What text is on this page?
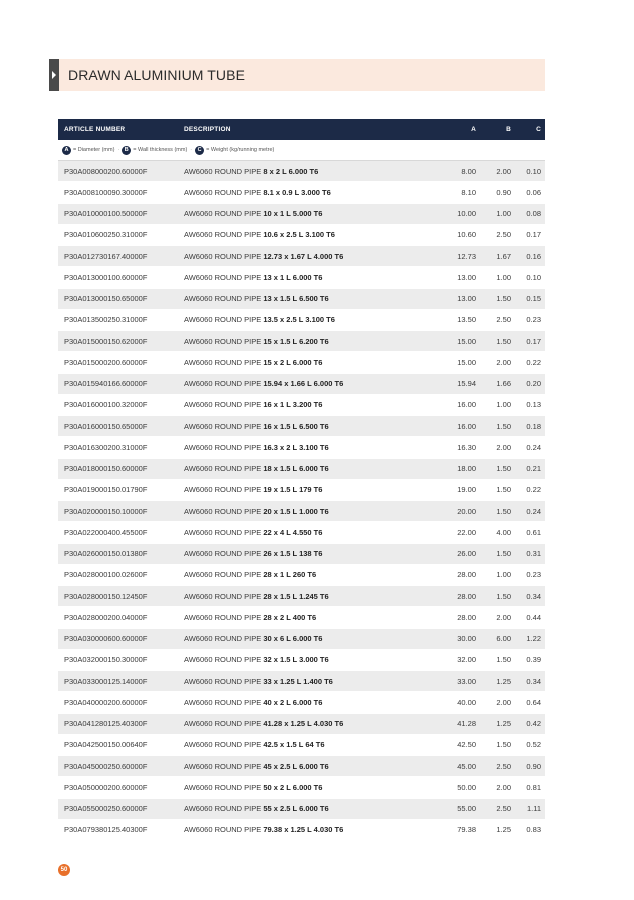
DRAWN ALUMINIUM TUBE
ARTICLE NUMBER	DESCRIPTION	A	B	C
A = Diameter (mm) ·	B = Wall thickness (mm) ·	C = Weight (kg/running metre)
P30A008000200.60000F	AW6060 ROUND PIPE 8 x 2 L 6.000 T6	8.00	2.00	0.10
P30A008100090.30000F	AW6060 ROUND PIPE 8.1 x 0.9 L 3.000 T6	8.10	0.90	0.06
P30A010000100.50000F	AW6060 ROUND PIPE 10 x 1 L 5.000 T6	10.00	1.00	0.08
P30A010600250.31000F	AW6060 ROUND PIPE 10.6 x 2.5 L 3.100 T6	10.60	2.50	0.17
P30A012730167.40000F	AW6060 ROUND PIPE 12.73 x 1.67 L 4.000 T6	12.73	1.67	0.16
P30A013000100.60000F	AW6060 ROUND PIPE 13 x 1 L 6.000 T6	13.00	1.00	0.10
P30A013000150.65000F	AW6060 ROUND PIPE 13 x 1.5 L 6.500 T6	13.00	1.50	0.15
P30A013500250.31000F	AW6060 ROUND PIPE 13.5 x 2.5 L 3.100 T6	13.50	2.50	0.23
P30A015000150.62000F	AW6060 ROUND PIPE 15 x 1.5 L 6.200 T6	15.00	1.50	0.17
P30A015000200.60000F	AW6060 ROUND PIPE 15 x 2 L 6.000 T6	15.00	2.00	0.22
P30A015940166.60000F	AW6060 ROUND PIPE 15.94 x 1.66 L 6.000 T6	15.94	1.66	0.20
P30A016000100.32000F	AW6060 ROUND PIPE 16 x 1 L 3.200 T6	16.00	1.00	0.13
P30A016000150.65000F	AW6060 ROUND PIPE 16 x 1.5 L 6.500 T6	16.00	1.50	0.18
P30A016300200.31000F	AW6060 ROUND PIPE 16.3 x 2 L 3.100 T6	16.30	2.00	0.24
P30A018000150.60000F	AW6060 ROUND PIPE 18 x 1.5 L 6.000 T6	18.00	1.50	0.21
P30A019000150.01790F	AW6060 ROUND PIPE 19 x 1.5 L 179 T6	19.00	1.50	0.22
P30A020000150.10000F	AW6060 ROUND PIPE 20 x 1.5 L 1.000 T6	20.00	1.50	0.24
P30A022000400.45500F	AW6060 ROUND PIPE 22 x 4 L 4.550 T6	22.00	4.00	0.61
P30A026000150.01380F	AW6060 ROUND PIPE 26 x 1.5 L 138 T6	26.00	1.50	0.31
P30A028000100.02600F	AW6060 ROUND PIPE 28 x 1 L 260 T6	28.00	1.00	0.23
P30A028000150.12450F	AW6060 ROUND PIPE 28 x 1.5 L 1.245 T6	28.00	1.50	0.34
P30A028000200.04000F	AW6060 ROUND PIPE 28 x 2 L 400 T6	28.00	2.00	0.44
P30A030000600.60000F	AW6060 ROUND PIPE 30 x 6 L 6.000 T6	30.00	6.00	1.22
P30A032000150.30000F	AW6060 ROUND PIPE 32 x 1.5 L 3.000 T6	32.00	1.50	0.39
P30A033000125.14000F	AW6060 ROUND PIPE 33 x 1.25 L 1.400 T6	33.00	1.25	0.34
P30A040000200.60000F	AW6060 ROUND PIPE 40 x 2 L 6.000 T6	40.00	2.00	0.64
P30A041280125.40300F	AW6060 ROUND PIPE 41.28 x 1.25 L 4.030 T6	41.28	1.25	0.42
P30A042500150.00640F	AW6060 ROUND PIPE 42.5 x 1.5 L 64 T6	42.50	1.50	0.52
P30A045000250.60000F	AW6060 ROUND PIPE 45 x 2.5 L 6.000 T6	45.00	2.50	0.90
P30A050000200.60000F	AW6060 ROUND PIPE 50 x 2 L 6.000 T6	50.00	2.00	0.81
P30A055000250.60000F	AW6060 ROUND PIPE 55 x 2.5 L 6.000 T6	55.00	2.50	1.11
P30A079380125.40300F	AW6060 ROUND PIPE 79.38 x 1.25 L 4.030 T6	79.38	1.25	0.83
50
